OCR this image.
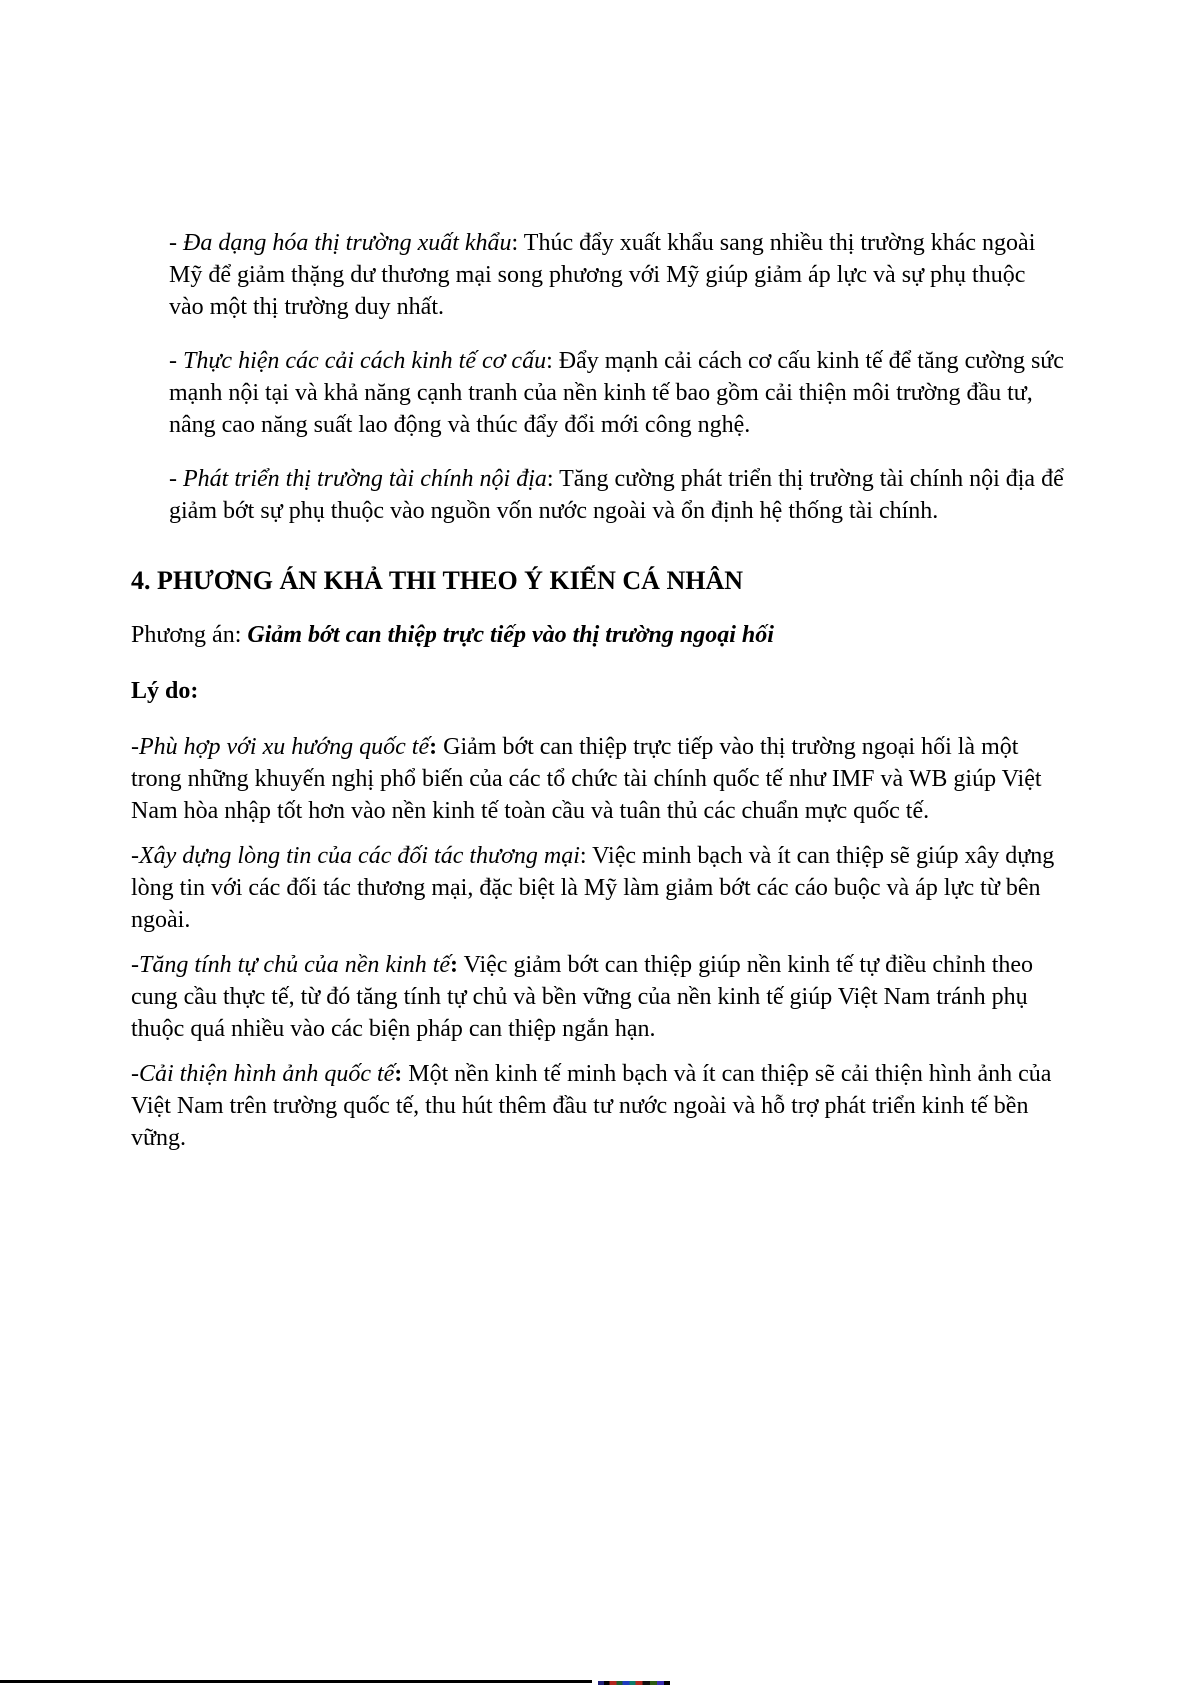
- Đa dạng hóa thị trường xuất khẩu: Thúc đẩy xuất khẩu sang nhiều thị trường khác ngoài Mỹ để giảm thặng dư thương mại song phương với Mỹ giúp giảm áp lực và sự phụ thuộc vào một thị trường duy nhất.

- Thực hiện các cải cách kinh tế cơ cấu: Đẩy mạnh cải cách cơ cấu kinh tế để tăng cường sức mạnh nội tại và khả năng cạnh tranh của nền kinh tế bao gồm cải thiện môi trường đầu tư, nâng cao năng suất lao động và thúc đẩy đổi mới công nghệ.

- Phát triển thị trường tài chính nội địa: Tăng cường phát triển thị trường tài chính nội địa để giảm bớt sự phụ thuộc vào nguồn vốn nước ngoài và ổn định hệ thống tài chính.

4. PHƯƠNG ÁN KHẢ THI THEO Ý KIẾN CÁ NHÂN

Phương án: Giảm bớt can thiệp trực tiếp vào thị trường ngoại hối

Lý do:

-Phù hợp với xu hướng quốc tế: Giảm bớt can thiệp trực tiếp vào thị trường ngoại hối là một trong những khuyến nghị phổ biến của các tổ chức tài chính quốc tế như IMF và WB giúp Việt Nam hòa nhập tốt hơn vào nền kinh tế toàn cầu và tuân thủ các chuẩn mực quốc tế.

-Xây dựng lòng tin của các đối tác thương mại: Việc minh bạch và ít can thiệp sẽ giúp xây dựng lòng tin với các đối tác thương mại, đặc biệt là Mỹ làm giảm bớt các cáo buộc và áp lực từ bên ngoài.

-Tăng tính tự chủ của nền kinh tế: Việc giảm bớt can thiệp giúp nền kinh tế tự điều chỉnh theo cung cầu thực tế, từ đó tăng tính tự chủ và bền vững của nền kinh tế giúp Việt Nam tránh phụ thuộc quá nhiều vào các biện pháp can thiệp ngắn hạn.

-Cải thiện hình ảnh quốc tế: Một nền kinh tế minh bạch và ít can thiệp sẽ cải thiện hình ảnh của Việt Nam trên trường quốc tế, thu hút thêm đầu tư nước ngoài và hỗ trợ phát triển kinh tế bền vững.
